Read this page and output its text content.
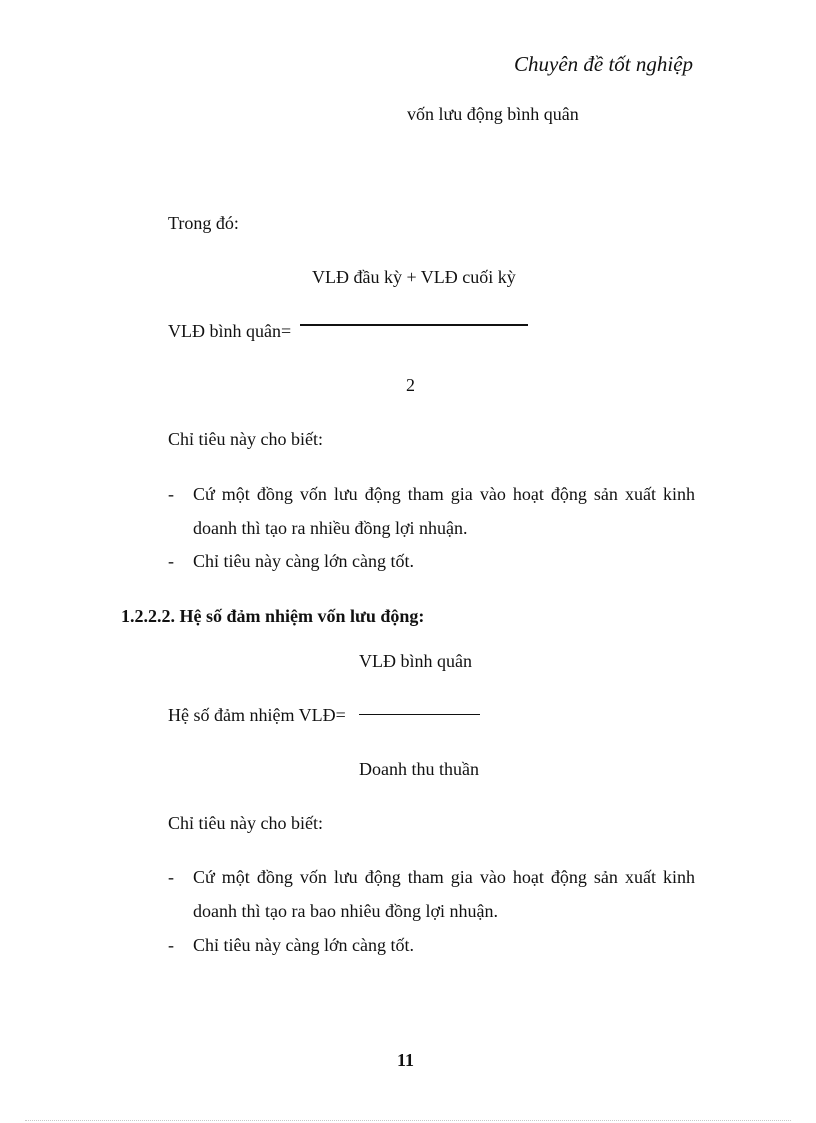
Chuyên đề tốt nghiệp
vốn lưu động bình quân
Trong đó:
VLĐ đầu kỳ + VLĐ cuối kỳ
VLĐ bình quân=
2
Chỉ tiêu này cho biết:
- Cứ một đồng vốn lưu động tham gia vào hoạt động sản xuất kinh
doanh thì tạo ra nhiều đồng lợi nhuận.
- Chỉ tiêu này càng lớn càng tốt.
1.2.2.2. Hệ số đảm nhiệm vốn lưu động:
VLĐ bình quân
Hệ số đảm nhiệm VLĐ=
Doanh thu thuần
Chỉ tiêu này cho biết:
- Cứ một đồng vốn lưu động tham gia vào hoạt động sản xuất kinh
doanh thì tạo ra bao nhiêu đồng lợi nhuận.
- Chỉ tiêu này càng lớn càng tốt.
11
